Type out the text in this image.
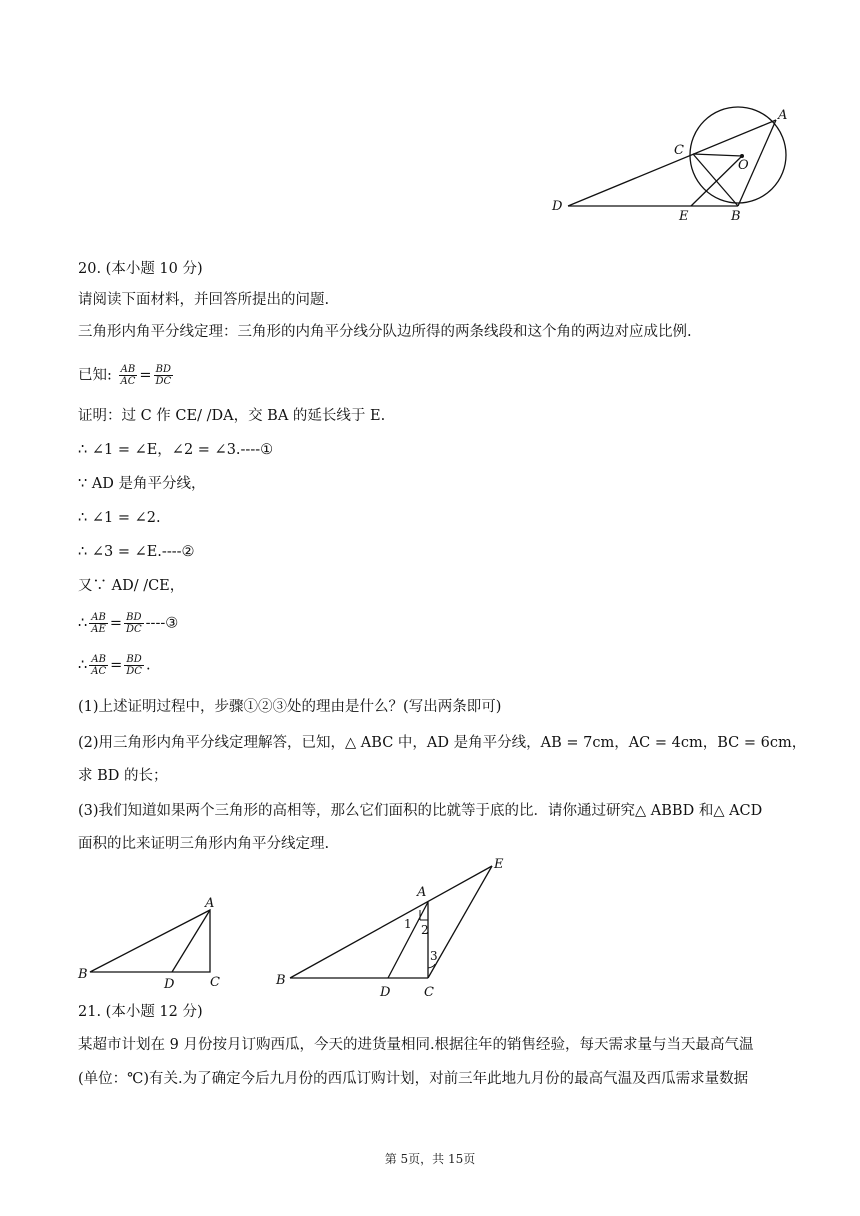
A
C
O
D
E	B
20. (本小题 10 分)
请阅读下面材料，并回答所提出的问题.
三角形内角平分线定理：三角形的内角平分线分队边所得的两条线段和这个角的两边对应成比例.
已知: $\frac{AB}{AC} = \frac{BD}{DC}$
证明：过 C 作 CE/ /DA，交 BA 的延长线于 E.
∴ ∠1 = ∠E，∠2 = ∠3.----①
∵ AD 是角平分线，
∴ ∠1 = ∠2.
∴ ∠3 = ∠E.----②
又∵ AD/ /CE，
∴ $\frac{AB}{AE} = \frac{BD}{DC}$ ----③
∴ $\frac{AB}{AC} = \frac{BD}{DC}$ .
(1)上述证明过程中，步骤①②③处的理由是什么？(写出两条即可)
(2)用三角形内角平分线定理解答，已知，△ ABC 中，AD 是角平分线，AB = 7cm，AC = 4cm，BC = 6cm，
求 BD 的长；
(3)我们知道如果两个三角形的高相等，那么它们面积的比就等于底的比．请你通过研究△ ABBD 和△ ACD
面积的比来证明三角形内角平分线定理.
A
B
D	C
A
E
B
D	C
1 2
3
21. (本小题 12 分)
某超市计划在 9 月份按月订购西瓜，今天的进货量相同.根据往年的销售经验，每天需求量与当天最高气温
(单位：℃)有关.为了确定今后九月份的西瓜订购计划，对前三年此地九月份的最高气温及西瓜需求量数据
第 5页，共 15页
